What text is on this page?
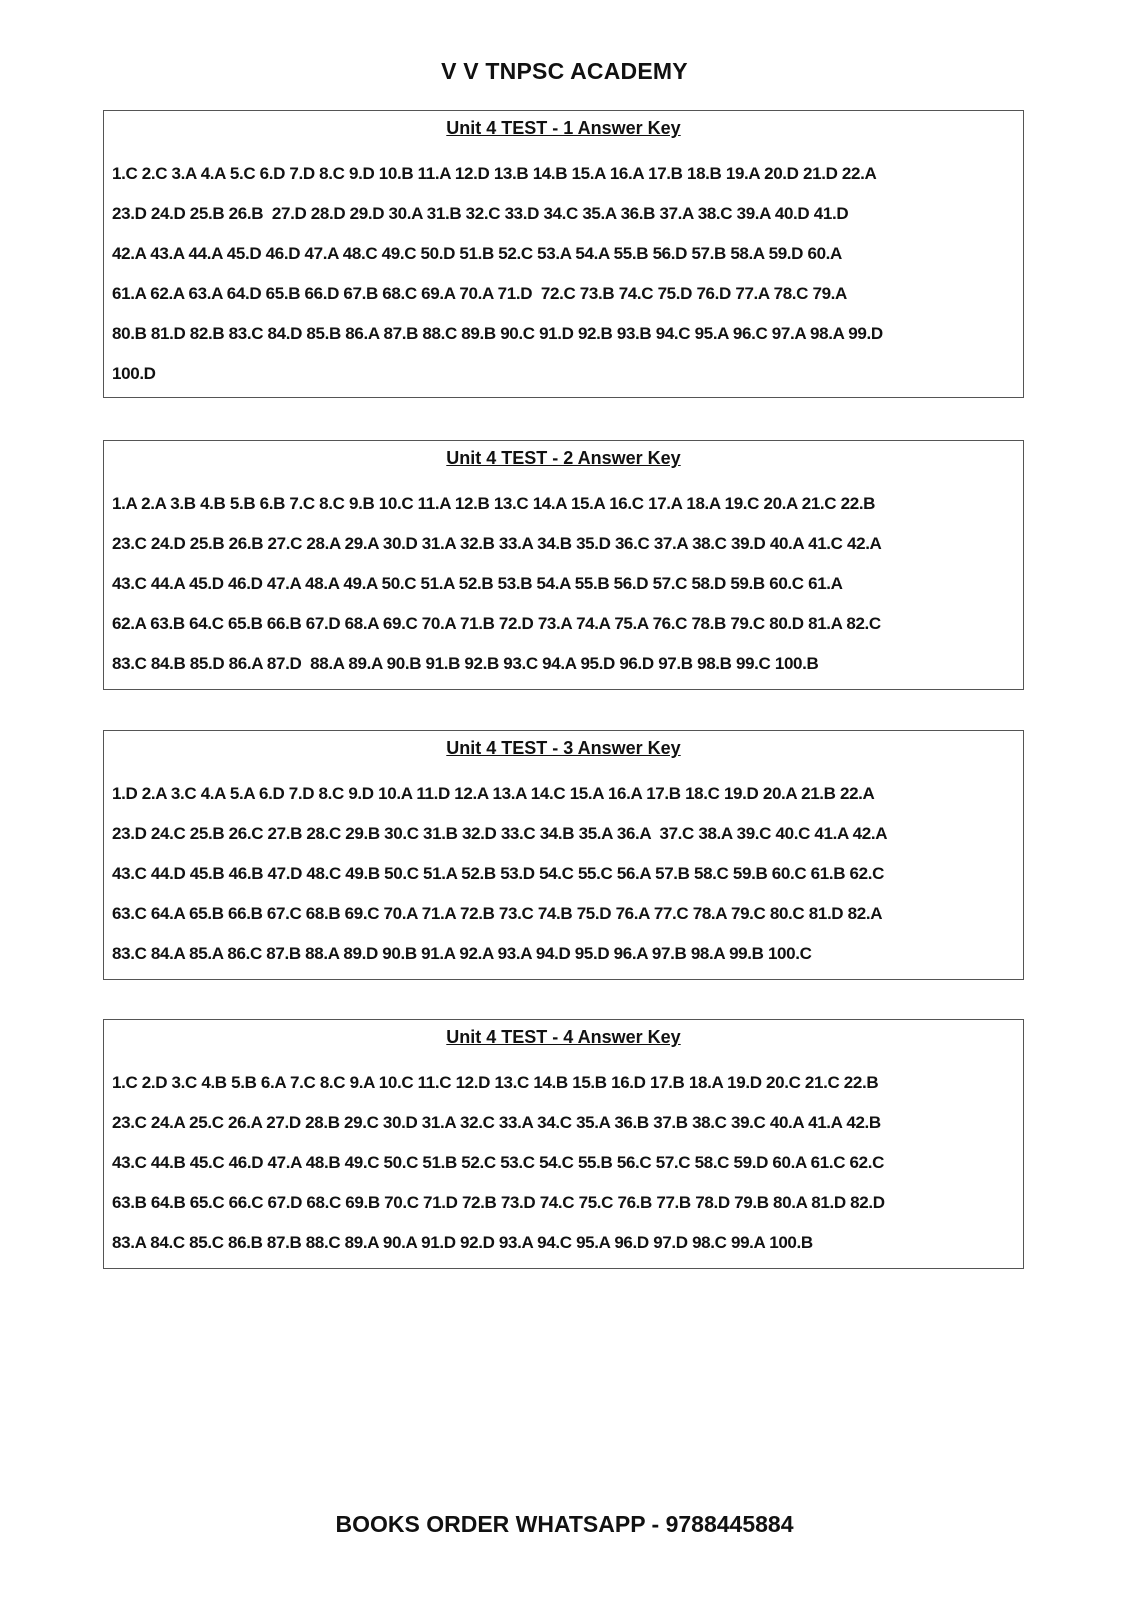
V V TNPSC ACADEMY
Unit 4 TEST - 1 Answer Key
1.C 2.C 3.A 4.A 5.C 6.D 7.D 8.C 9.D 10.B 11.A 12.D 13.B 14.B 15.A 16.A 17.B 18.B 19.A 20.D 21.D 22.A
23.D 24.D 25.B 26.B  27.D 28.D 29.D 30.A 31.B 32.C 33.D 34.C 35.A 36.B 37.A 38.C 39.A 40.D 41.D
42.A 43.A 44.A 45.D 46.D 47.A 48.C 49.C 50.D 51.B 52.C 53.A 54.A 55.B 56.D 57.B 58.A 59.D 60.A
61.A 62.A 63.A 64.D 65.B 66.D 67.B 68.C 69.A 70.A 71.D  72.C 73.B 74.C 75.D 76.D 77.A 78.C 79.A
80.B 81.D 82.B 83.C 84.D 85.B 86.A 87.B 88.C 89.B 90.C 91.D 92.B 93.B 94.C 95.A 96.C 97.A 98.A 99.D
100.D
Unit 4 TEST - 2 Answer Key
1.A 2.A 3.B 4.B 5.B 6.B 7.C 8.C 9.B 10.C 11.A 12.B 13.C 14.A 15.A 16.C 17.A 18.A 19.C 20.A 21.C 22.B
23.C 24.D 25.B 26.B 27.C 28.A 29.A 30.D 31.A 32.B 33.A 34.B 35.D 36.C 37.A 38.C 39.D 40.A 41.C 42.A
43.C 44.A 45.D 46.D 47.A 48.A 49.A 50.C 51.A 52.B 53.B 54.A 55.B 56.D 57.C 58.D 59.B 60.C 61.A
62.A 63.B 64.C 65.B 66.B 67.D 68.A 69.C 70.A 71.B 72.D 73.A 74.A 75.A 76.C 78.B 79.C 80.D 81.A 82.C
83.C 84.B 85.D 86.A 87.D  88.A 89.A 90.B 91.B 92.B 93.C 94.A 95.D 96.D 97.B 98.B 99.C 100.B
Unit 4 TEST - 3 Answer Key
1.D 2.A 3.C 4.A 5.A 6.D 7.D 8.C 9.D 10.A 11.D 12.A 13.A 14.C 15.A 16.A 17.B 18.C 19.D 20.A 21.B 22.A
23.D 24.C 25.B 26.C 27.B 28.C 29.B 30.C 31.B 32.D 33.C 34.B 35.A 36.A  37.C 38.A 39.C 40.C 41.A 42.A
43.C 44.D 45.B 46.B 47.D 48.C 49.B 50.C 51.A 52.B 53.D 54.C 55.C 56.A 57.B 58.C 59.B 60.C 61.B 62.C
63.C 64.A 65.B 66.B 67.C 68.B 69.C 70.A 71.A 72.B 73.C 74.B 75.D 76.A 77.C 78.A 79.C 80.C 81.D 82.A
83.C 84.A 85.A 86.C 87.B 88.A 89.D 90.B 91.A 92.A 93.A 94.D 95.D 96.A 97.B 98.A 99.B 100.C
Unit 4 TEST - 4 Answer Key
1.C 2.D 3.C 4.B 5.B 6.A 7.C 8.C 9.A 10.C 11.C 12.D 13.C 14.B 15.B 16.D 17.B 18.A 19.D 20.C 21.C 22.B
23.C 24.A 25.C 26.A 27.D 28.B 29.C 30.D 31.A 32.C 33.A 34.C 35.A 36.B 37.B 38.C 39.C 40.A 41.A 42.B
43.C 44.B 45.C 46.D 47.A 48.B 49.C 50.C 51.B 52.C 53.C 54.C 55.B 56.C 57.C 58.C 59.D 60.A 61.C 62.C
63.B 64.B 65.C 66.C 67.D 68.C 69.B 70.C 71.D 72.B 73.D 74.C 75.C 76.B 77.B 78.D 79.B 80.A 81.D 82.D
83.A 84.C 85.C 86.B 87.B 88.C 89.A 90.A 91.D 92.D 93.A 94.C 95.A 96.D 97.D 98.C 99.A 100.B
BOOKS ORDER WHATSAPP - 9788445884
